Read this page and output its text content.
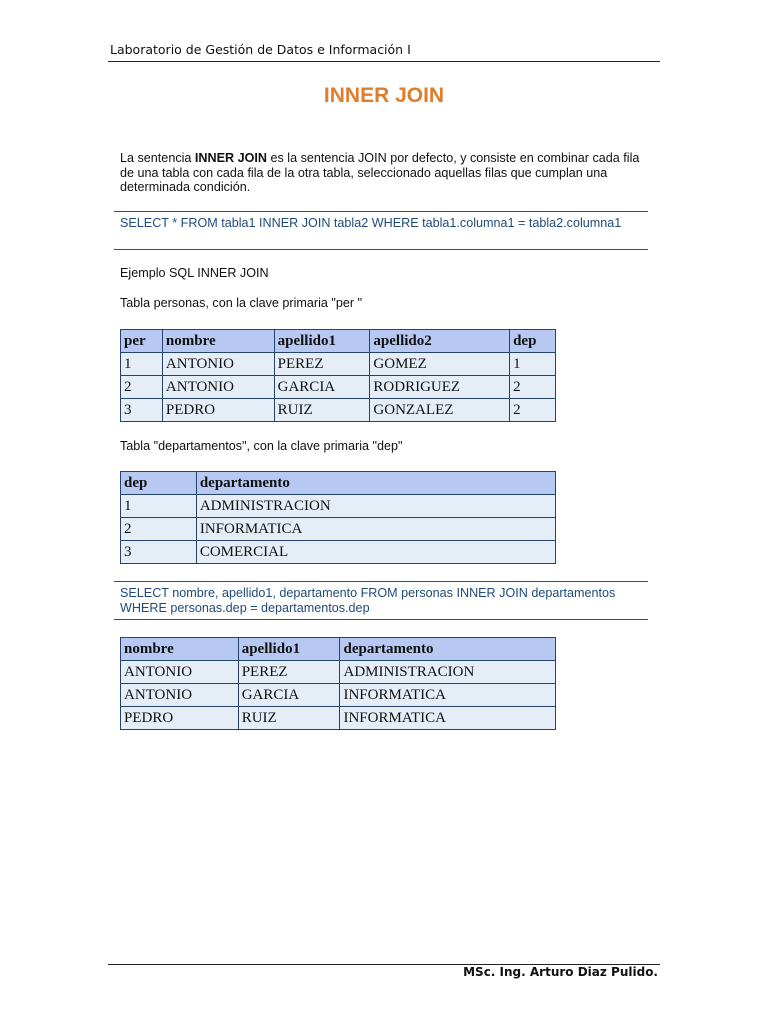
Laboratorio de Gestión de Datos e Información I
INNER JOIN
La sentencia INNER JOIN es la sentencia JOIN por defecto, y consiste en combinar cada fila de una tabla con cada fila de la otra tabla, seleccionado aquellas filas que cumplan una determinada condición.
SELECT * FROM tabla1 INNER JOIN tabla2 WHERE tabla1.columna1 = tabla2.columna1
Ejemplo SQL INNER JOIN
Tabla personas, con la clave primaria "per "
per	nombre	apellido1	apellido2	dep
1	ANTONIO	PEREZ	GOMEZ	1
2	ANTONIO	GARCIA	RODRIGUEZ	2
3	PEDRO	RUIZ	GONZALEZ	2
Tabla "departamentos", con la clave primaria "dep"
dep	departamento
1	ADMINISTRACION
2	INFORMATICA
3	COMERCIAL
SELECT nombre, apellido1, departamento FROM personas INNER JOIN departamentos WHERE personas.dep = departamentos.dep
nombre	apellido1	departamento
ANTONIO	PEREZ	ADMINISTRACION
ANTONIO	GARCIA	INFORMATICA
PEDRO	RUIZ	INFORMATICA
MSc. Ing. Arturo Diaz Pulido.
